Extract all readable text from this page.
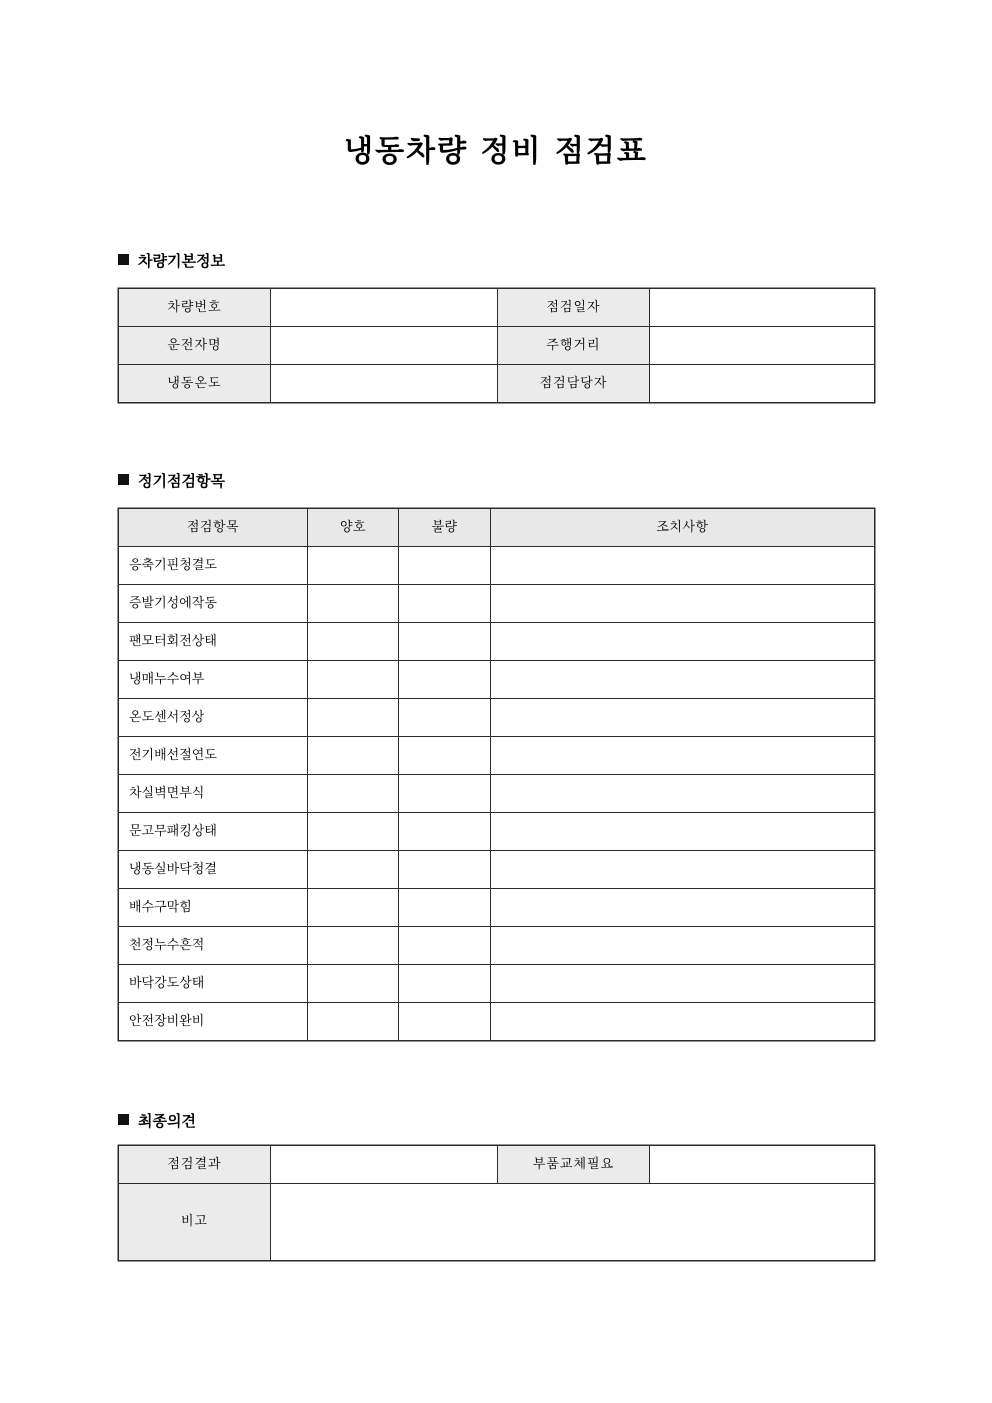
냉동차량 정비 점검표
차량기본정보
차량번호		점검일자	
운전자명		주행거리	
냉동온도		점검담당자	
정기점검항목
점검항목	양호	불량	조치사항
응축기핀청결도			
증발기성에작동			
팬모터회전상태			
냉매누수여부			
온도센서정상			
전기배선절연도			
차실벽면부식			
문고무패킹상태			
냉동실바닥청결			
배수구막힘			
천정누수흔적			
바닥강도상태			
안전장비완비			
최종의견
점검결과		부품교체필요	
비고			
